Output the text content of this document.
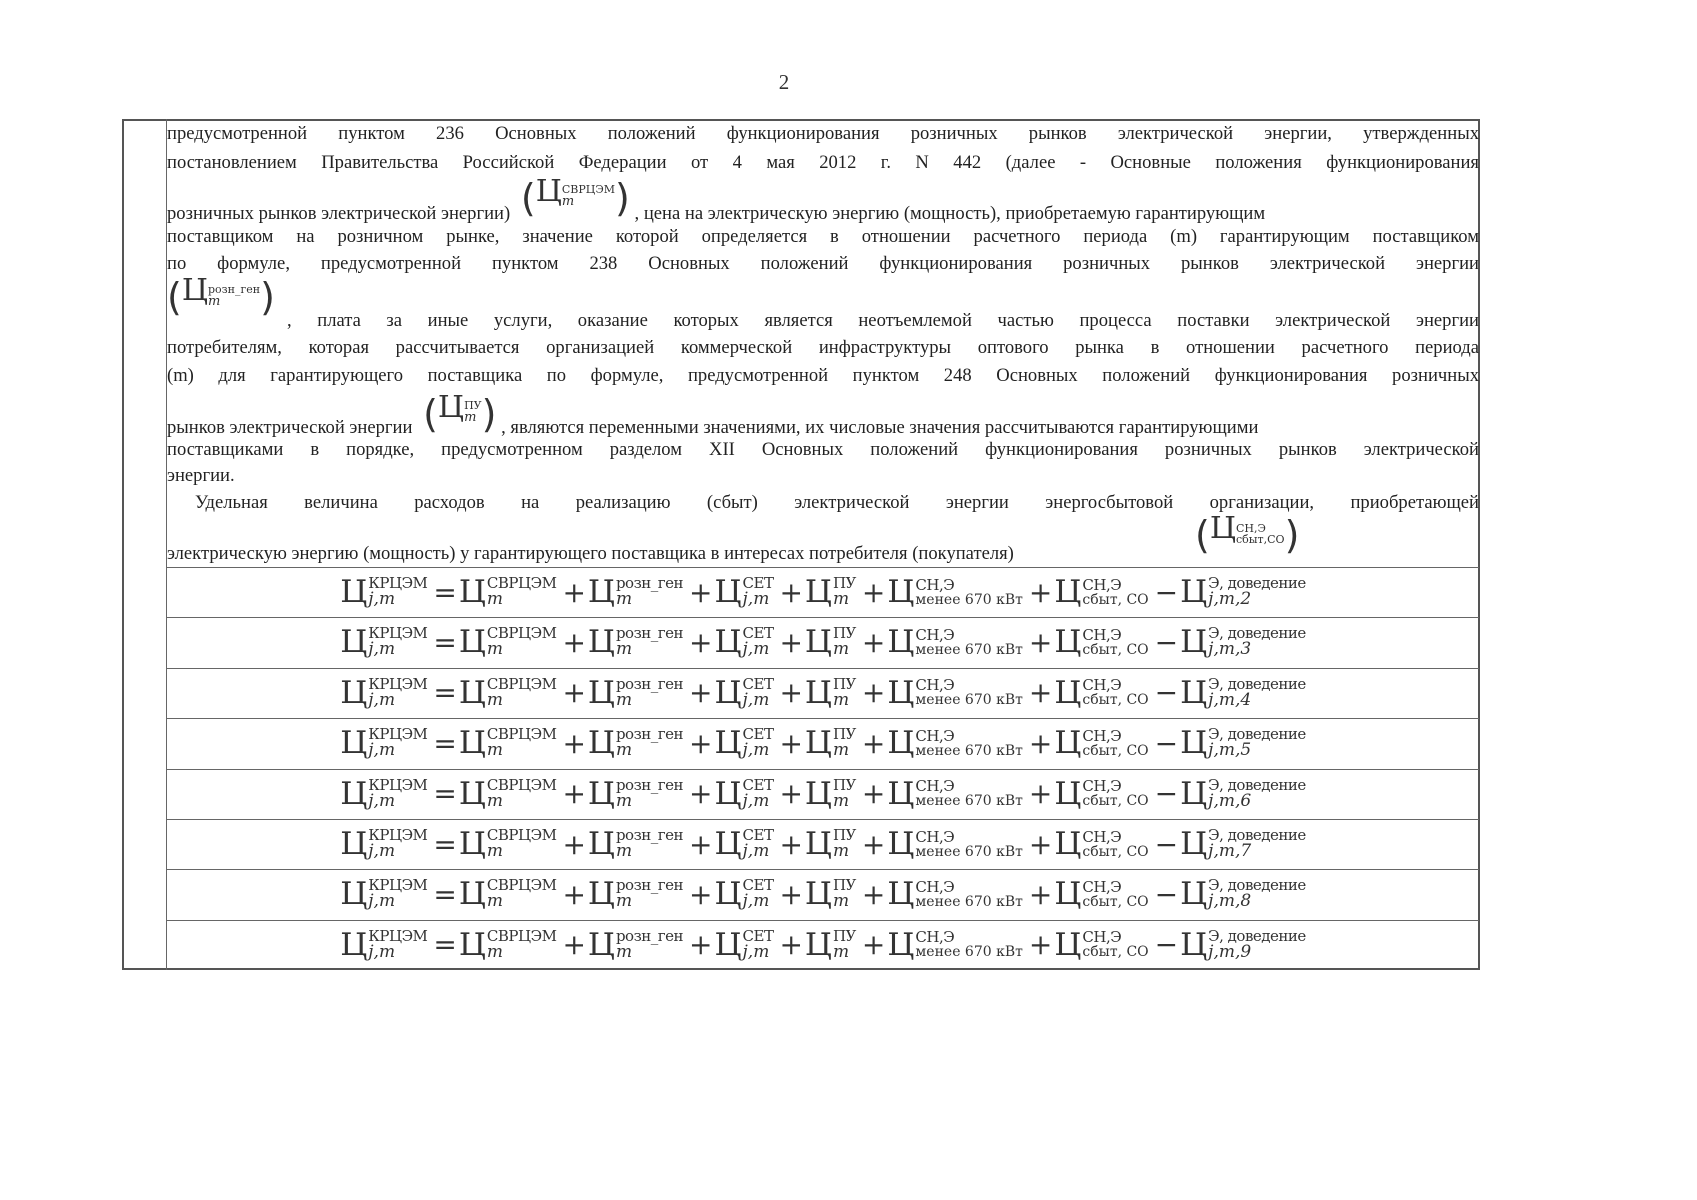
2
предусмотренной пунктом 236 Основных положений функционирования розничных рынков электрической энергии, утвержденных
постановлением Правительства Российской Федерации от 4 мая 2012 г. N 442 (далее - Основные положения функционирования
розничных рынков электрической энергии) (Ц СВРЦЭМ
m	) , цена на электрическую энергию (мощность), приобретаемую гарантирующим
поставщиком на розничном рынке, значение которой определяется в отношении расчетного периода (m) гарантирующим поставщиком
по формуле, предусмотренной пунктом 238 Основных положений функционирования розничных рынков электрической энергии
(Ц розн_ген
m	)
, плата за иные услуги, оказание которых является неотъемлемой частью процесса поставки электрической энергии
потребителям, которая рассчитывается организацией коммерческой инфраструктуры оптового рынка в отношении расчетного периода
(m) для гарантирующего поставщика по формуле, предусмотренной пунктом 248 Основных положений функционирования розничных
рынков электрической энергии (Ц ПУ
m ) , являются переменными значениями, их числовые значения рассчитываются гарантирующими
поставщиками в порядке, предусмотренном разделом XII Основных положений функционирования розничных рынков электрической
энергии.
Удельная величина расходов на реализацию (сбыт) электрической энергии энергосбытовой организации, приобретающей
электрическую энергию (мощность) у гарантирующего поставщика в интересах потребителя (покупателя)	(Ц СН,Э
сбыт,СО )
Ц КРЦЭМ
j,m	= Ц СВРЦЭМ
m	+ Ц розн_ген
m	+ Ц СЕТ
j,m + Ц ПУ
m + Ц СН,Э
менее 670 кВт + Ц СН,Э
сбыт, СО − Ц Э, доведение
j,m,2
Ц КРЦЭМ
j,m	= Ц СВРЦЭМ
m	+ Ц розн_ген
m	+ Ц СЕТ
j,m + Ц ПУ
m + Ц СН,Э
менее 670 кВт + Ц СН,Э
сбыт, СО − Ц Э, доведение
j,m,3
Ц КРЦЭМ
j,m	= Ц СВРЦЭМ
m	+ Ц розн_ген
m	+ Ц СЕТ
j,m + Ц ПУ
m + Ц СН,Э
менее 670 кВт + Ц СН,Э
сбыт, СО − Ц Э, доведение
j,m,4
Ц КРЦЭМ
j,m	= Ц СВРЦЭМ
m	+ Ц розн_ген
m	+ Ц СЕТ
j,m + Ц ПУ
m + Ц СН,Э
менее 670 кВт + Ц СН,Э
сбыт, СО − Ц Э, доведение
j,m,5
Ц КРЦЭМ
j,m	= Ц СВРЦЭМ
m	+ Ц розн_ген
m	+ Ц СЕТ
j,m + Ц ПУ
m + Ц СН,Э
менее 670 кВт + Ц СН,Э
сбыт, СО − Ц Э, доведение
j,m,6
Ц КРЦЭМ
j,m	= Ц СВРЦЭМ
m	+ Ц розн_ген
m	+ Ц СЕТ
j,m + Ц ПУ
m + Ц СН,Э
менее 670 кВт + Ц СН,Э
сбыт, СО − Ц Э, доведение
j,m,7
Ц КРЦЭМ
j,m	= Ц СВРЦЭМ
m	+ Ц розн_ген
m	+ Ц СЕТ
j,m + Ц ПУ
m + Ц СН,Э
менее 670 кВт + Ц СН,Э
сбыт, СО − Ц Э, доведение
j,m,8
Ц КРЦЭМ
j,m	= Ц СВРЦЭМ
m	+ Ц розн_ген
m	+ Ц СЕТ
j,m + Ц ПУ
m + Ц СН,Э
менее 670 кВт + Ц СН,Э
сбыт, СО − Ц Э, доведение
j,m,9
